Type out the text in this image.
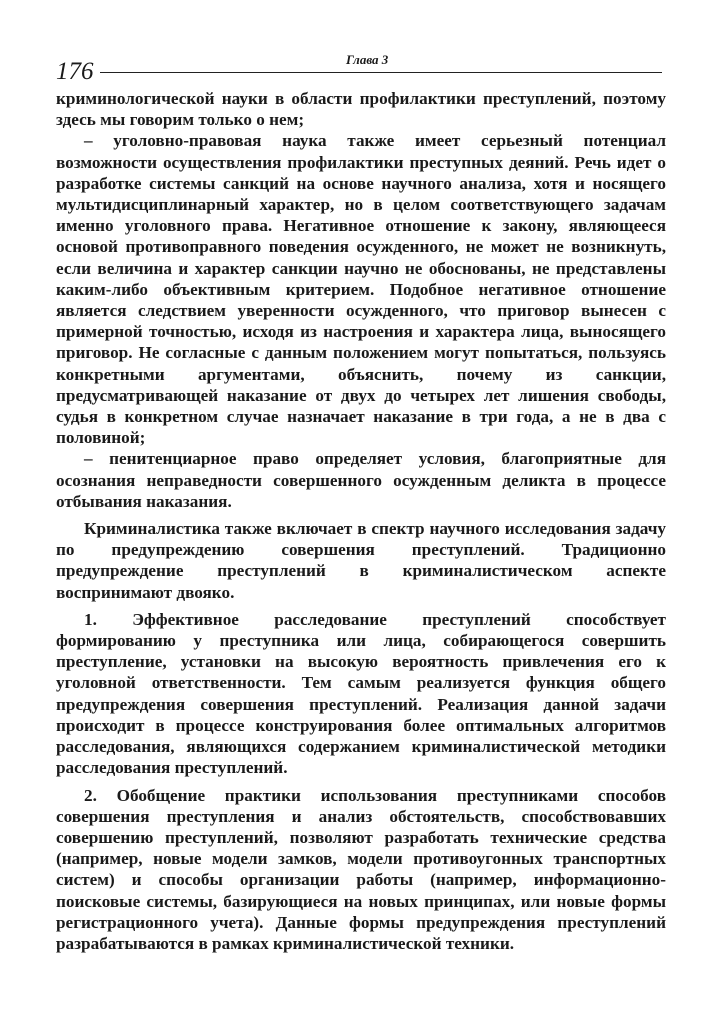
176	Глава 3

криминологической науки в области профилактики преступлений, поэтому здесь мы говорим только о нем;

– уголовно-правовая наука также имеет серьезный потенциал возможности осуществления профилактики преступных деяний. Речь идет о разработке системы санкций на основе научного анализа, хотя и носящего мультидисциплинарный характер, но в целом соответствующего задачам именно уголовного права. Негативное отношение к закону, являющееся основой противоправного поведения осужденного, не может не возникнуть, если величина и характер санкции научно не обоснованы, не представлены каким-либо объективным критерием. Подобное негативное отношение является следствием уверенности осужденного, что приговор вынесен с примерной точностью, исходя из настроения и характера лица, выносящего приговор. Не согласные с данным положением могут попытаться, пользуясь конкретными аргументами, объяснить, почему из санкции, предусматривающей наказание от двух до четырех лет лишения свободы, судья в конкретном случае назначает наказание в три года, а не в два с половиной;

– пенитенциарное право определяет условия, благоприятные для осознания неправедности совершенного осужденным деликта в процессе отбывания наказания.

Криминалистика также включает в спектр научного исследования задачу по предупреждению совершения преступлений. Традиционно предупреждение преступлений в криминалистическом аспекте воспринимают двояко.

1. Эффективное расследование преступлений способствует формированию у преступника или лица, собирающегося совершить преступление, установки на высокую вероятность привлечения его к уголовной ответственности. Тем самым реализуется функция общего предупреждения совершения преступлений. Реализация данной задачи происходит в процессе конструирования более оптимальных алгоритмов расследования, являющихся содержанием криминалистической методики расследования преступлений.

2. Обобщение практики использования преступниками способов совершения преступления и анализ обстоятельств, способствовавших совершению преступлений, позволяют разработать технические средства (например, новые модели замков, модели противоугонных транспортных систем) и способы организации работы (например, информационно-поисковые системы, базирующиеся на новых принципах, или новые формы регистрационного учета). Данные формы предупреждения преступлений разрабатываются в рамках криминалистической техники.
